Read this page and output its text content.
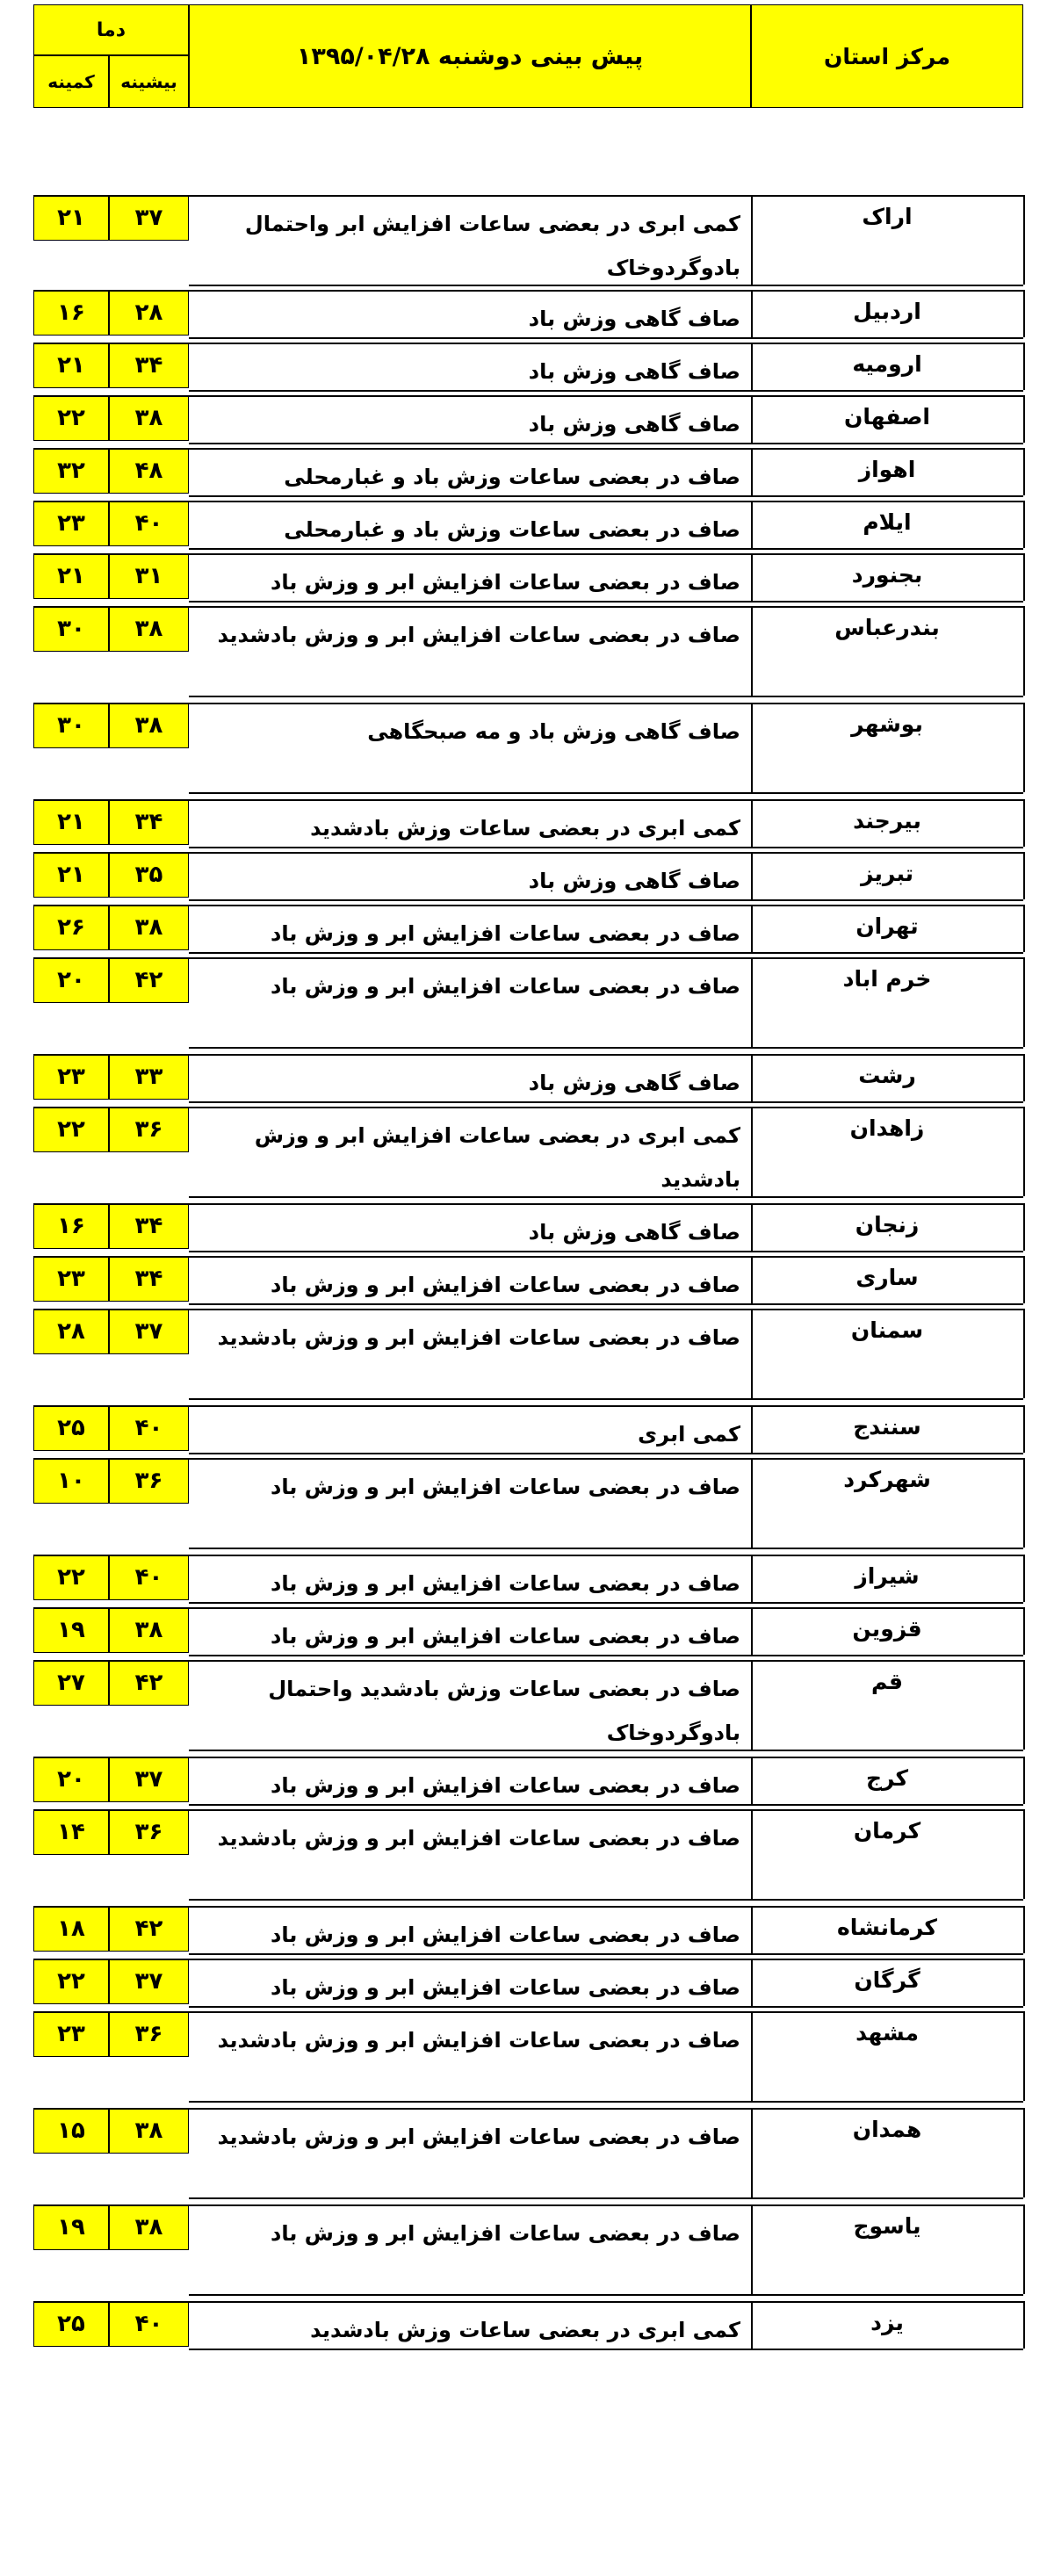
مرکز استان
پیش بینی دوشنبه ۱۳۹۵/۰۴/۲۸
دما
بیشینه
کمینه
اراک
کمی ابری در بعضی ساعات افزایش ابر واحتمال بادوگردوخاک
۳۷
۲۱
اردبیل
صاف گاهی وزش باد
۲۸
۱۶
ارومیه
صاف گاهی وزش باد
۳۴
۲۱
اصفهان
صاف گاهی وزش باد
۳۸
۲۲
اهواز
صاف در بعضی ساعات وزش باد و غبارمحلی
۴۸
۳۲
ایلام
صاف در بعضی ساعات وزش باد و غبارمحلی
۴۰
۲۳
بجنورد
صاف در بعضی ساعات افزایش ابر و وزش باد
۳۱
۲۱
بندرعباس
صاف در بعضی ساعات افزایش ابر و وزش بادشدید
۳۸
۳۰
بوشهر
صاف گاهی وزش باد و مه صبحگاهی
۳۸
۳۰
بیرجند
کمی ابری در بعضی ساعات وزش بادشدید
۳۴
۲۱
تبریز
صاف گاهی وزش باد
۳۵
۲۱
تهران
صاف در بعضی ساعات افزایش ابر و وزش باد
۳۸
۲۶
خرم اباد
صاف در بعضی ساعات افزایش ابر و وزش باد
۴۲
۲۰
رشت
صاف گاهی وزش باد
۳۳
۲۳
زاهدان
کمی ابری در بعضی ساعات افزایش ابر و وزش بادشدید
۳۶
۲۲
زنجان
صاف گاهی وزش باد
۳۴
۱۶
ساری
صاف در بعضی ساعات افزایش ابر و وزش باد
۳۴
۲۳
سمنان
صاف در بعضی ساعات افزایش ابر و وزش بادشدید
۳۷
۲۸
سنندج
کمی ابری
۴۰
۲۵
شهرکرد
صاف در بعضی ساعات افزایش ابر و وزش باد
۳۶
۱۰
شیراز
صاف در بعضی ساعات افزایش ابر و وزش باد
۴۰
۲۲
قزوین
صاف در بعضی ساعات افزایش ابر و وزش باد
۳۸
۱۹
قم
صاف در بعضی ساعات وزش بادشدید واحتمال بادوگردوخاک
۴۲
۲۷
کرج
صاف در بعضی ساعات افزایش ابر و وزش باد
۳۷
۲۰
کرمان
صاف در بعضی ساعات افزایش ابر و وزش بادشدید
۳۶
۱۴
کرمانشاه
صاف در بعضی ساعات افزایش ابر و وزش باد
۴۲
۱۸
گرگان
صاف در بعضی ساعات افزایش ابر و وزش باد
۳۷
۲۲
مشهد
صاف در بعضی ساعات افزایش ابر و وزش بادشدید
۳۶
۲۳
همدان
صاف در بعضی ساعات افزایش ابر و وزش بادشدید
۳۸
۱۵
یاسوج
صاف در بعضی ساعات افزایش ابر و وزش باد
۳۸
۱۹
یزد
کمی ابری در بعضی ساعات وزش بادشدید
۴۰
۲۵
